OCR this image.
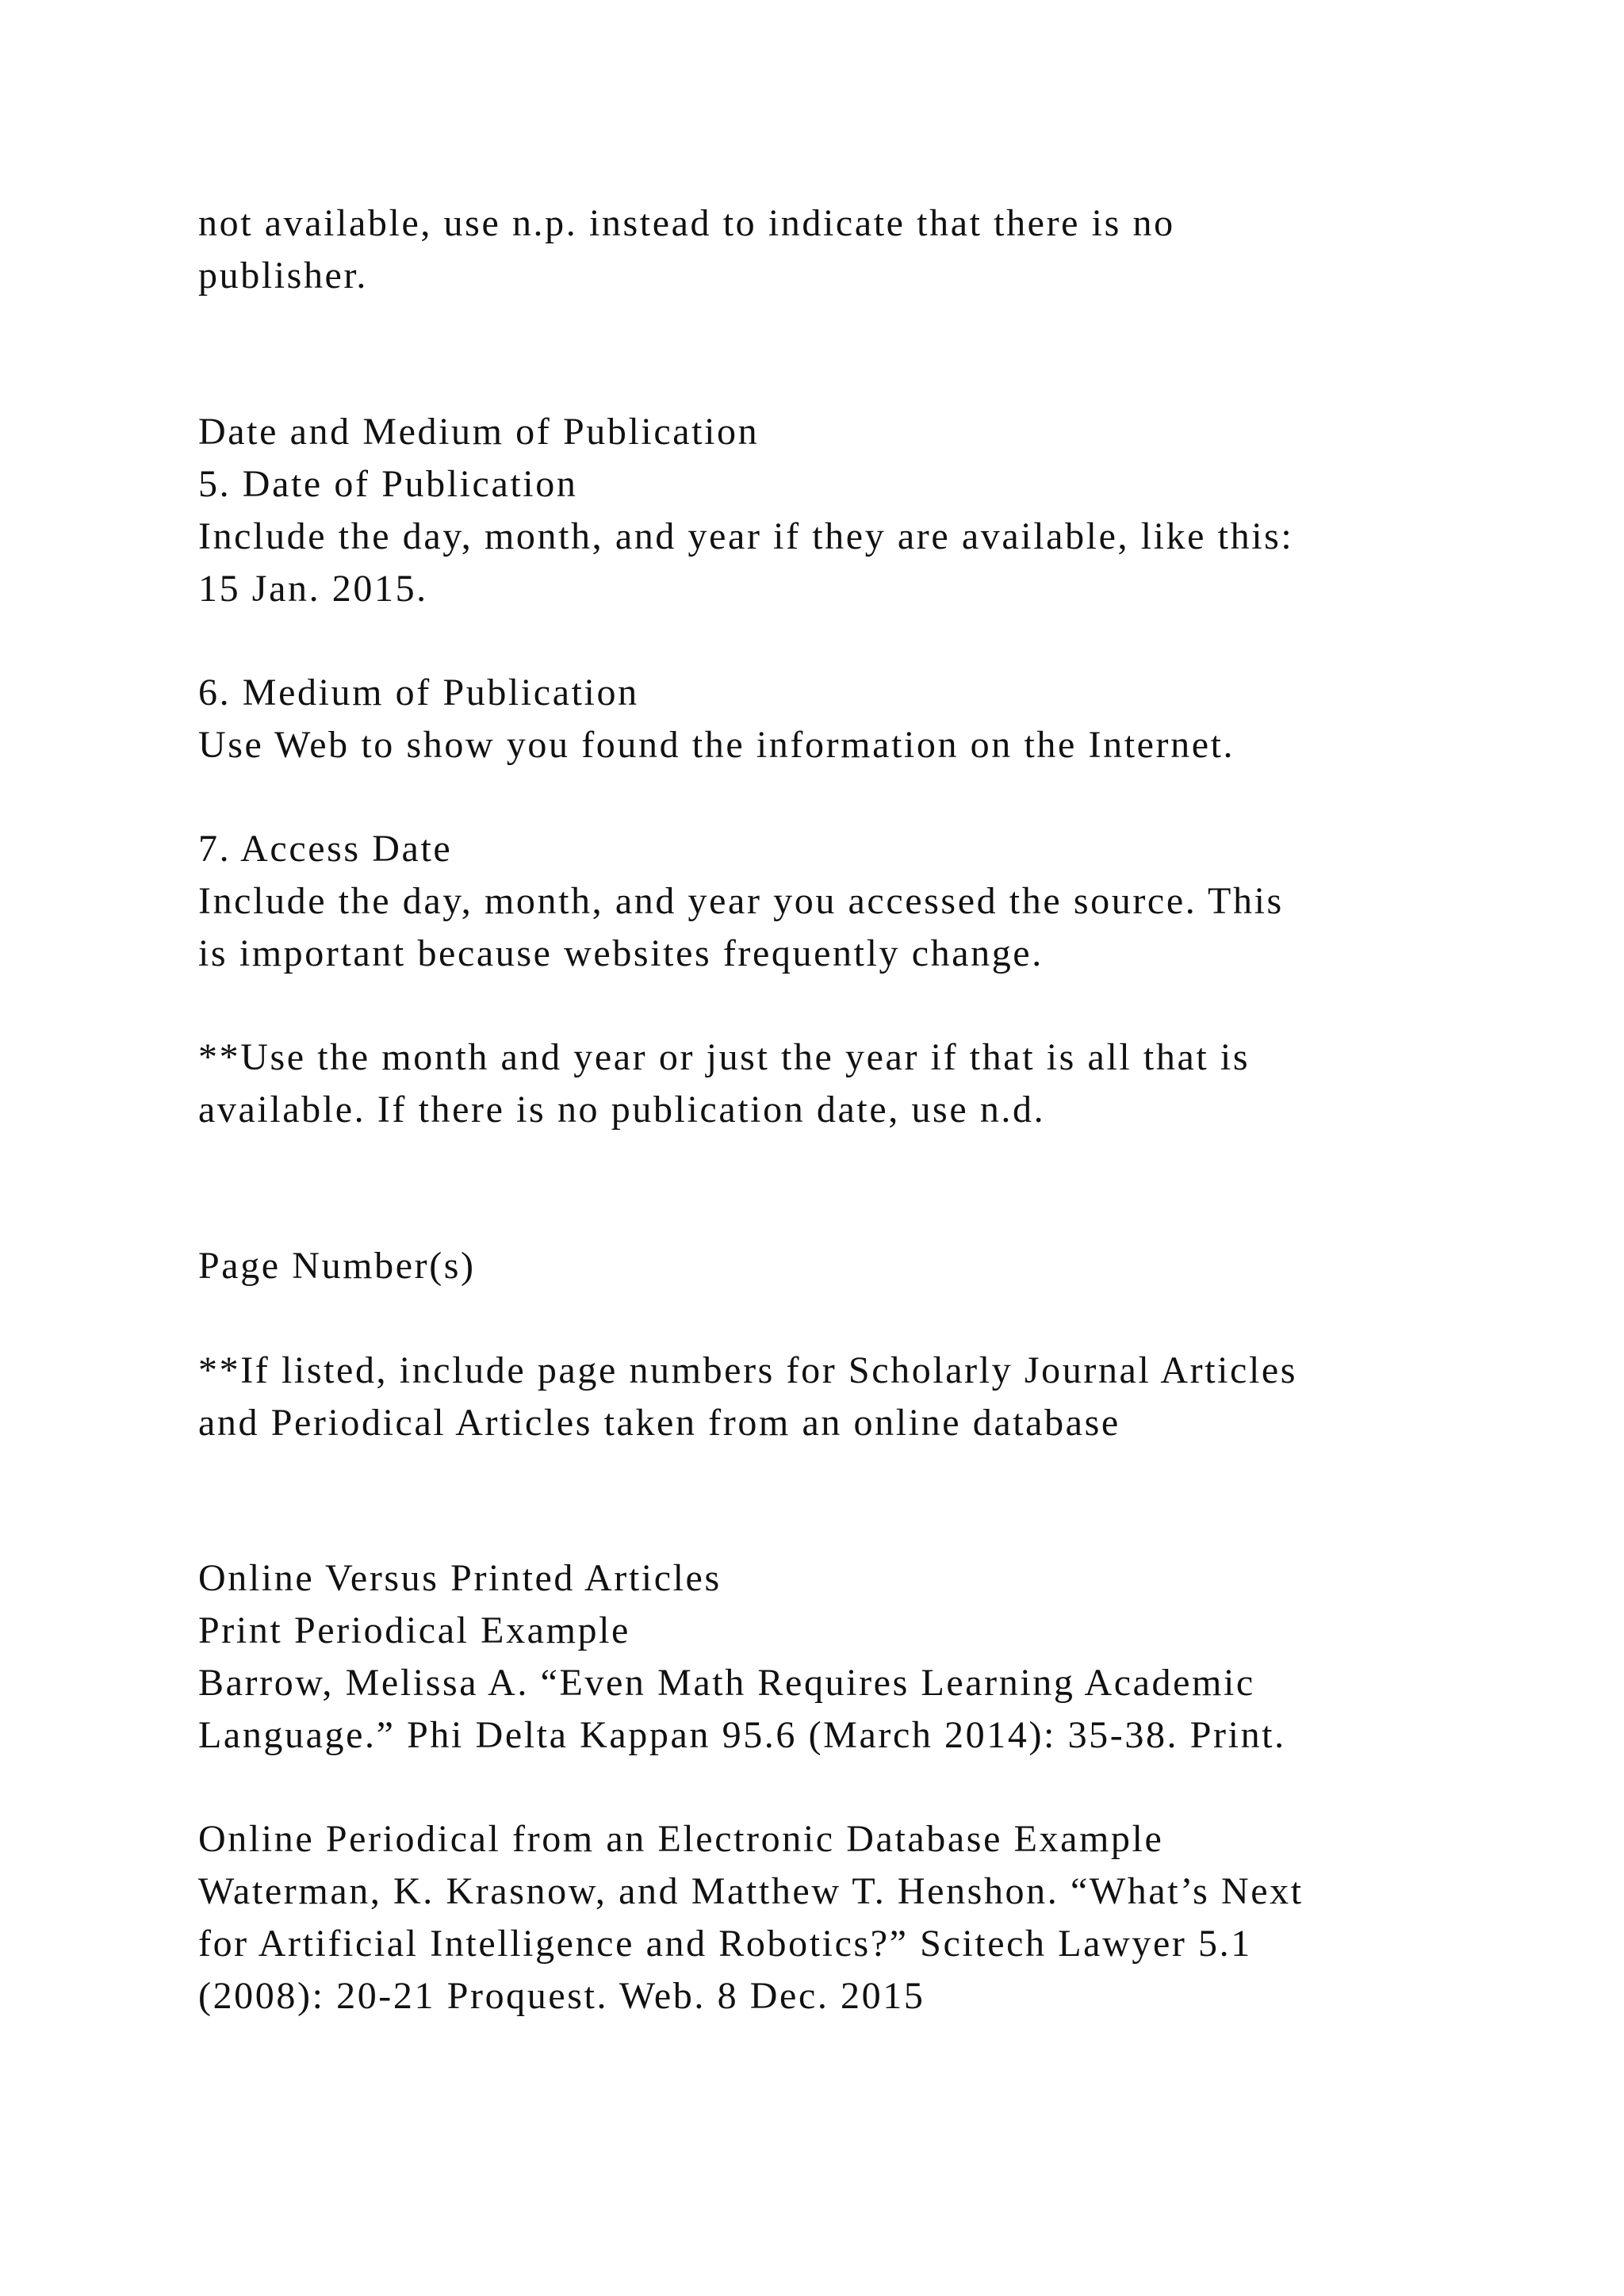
not available, use n.p. instead to indicate that there is no

publisher.

Date and Medium of Publication

5. Date of Publication

Include the day, month, and year if they are available, like this:

15 Jan. 2015.

6. Medium of Publication

Use Web to show you found the information on the Internet.

7. Access Date

Include the day, month, and year you accessed the source. This

is important because websites frequently change.

**Use the month and year or just the year if that is all that is

available. If there is no publication date, use n.d.

Page Number(s)

**If listed, include page numbers for Scholarly Journal Articles

and Periodical Articles taken from an online database

Online Versus Printed Articles

Print Periodical Example

Barrow, Melissa A. “Even Math Requires Learning Academic

Language.” Phi Delta Kappan 95.6 (March 2014): 35-38. Print.

Online Periodical from an Electronic Database Example

Waterman, K. Krasnow, and Matthew T. Henshon. “What’s Next

for Artificial Intelligence and Robotics?” Scitech Lawyer 5.1

(2008): 20-21 Proquest. Web. 8 Dec. 2015
